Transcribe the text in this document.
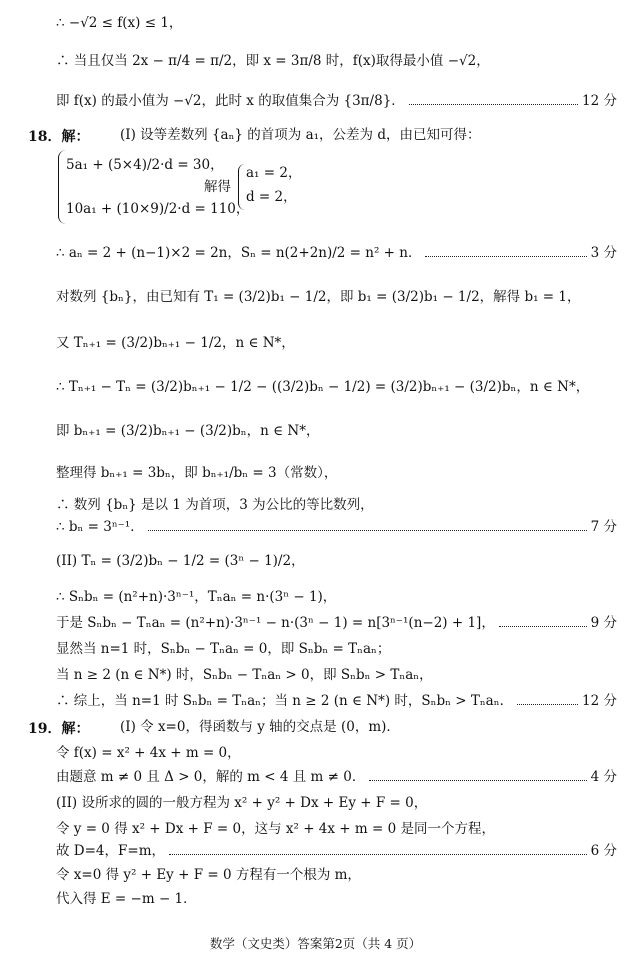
∴ −√2 ≤ f(x) ≤ 1，
∴ 当且仅当 2x − π/4 = π/2，即 x = 3π/8 时，f(x)取得最小值 −√2，
即 f(x) 的最小值为 −√2，此时 x 的取值集合为 {3π/8}．	12 分
18．解： (I) 设等差数列 {aₙ} 的首项为 a₁，公差为 d，由已知可得：
5a₁ + (5×4)/2·d = 30，
10a₁ + (10×9)/2·d = 110，
解得
a₁ = 2，
d = 2，
∴ aₙ = 2 + (n−1)×2 = 2n，Sₙ = n(2+2n)/2 = n² + n．	3 分
对数列 {bₙ}，由已知有 T₁ = (3/2)b₁ − 1/2，即 b₁ = (3/2)b₁ − 1/2，解得 b₁ = 1，
又 Tₙ₊₁ = (3/2)bₙ₊₁ − 1/2，n ∈ N*，
∴ Tₙ₊₁ − Tₙ = (3/2)bₙ₊₁ − 1/2 − ((3/2)bₙ − 1/2) = (3/2)bₙ₊₁ − (3/2)bₙ，n ∈ N*，
即 bₙ₊₁ = (3/2)bₙ₊₁ − (3/2)bₙ，n ∈ N*，
整理得 bₙ₊₁ = 3bₙ，即 bₙ₊₁/bₙ = 3（常数），
∴ 数列 {bₙ} 是以 1 为首项，3 为公比的等比数列，
∴ bₙ = 3ⁿ⁻¹．	7 分
(II) Tₙ = (3/2)bₙ − 1/2 = (3ⁿ − 1)/2，
∴ Sₙbₙ = (n²+n)·3ⁿ⁻¹，Tₙaₙ = n·(3ⁿ − 1)，
于是 Sₙbₙ − Tₙaₙ = (n²+n)·3ⁿ⁻¹ − n·(3ⁿ − 1) = n[3ⁿ⁻¹(n−2) + 1]，	9 分
显然当 n=1 时，Sₙbₙ − Tₙaₙ = 0，即 Sₙbₙ = Tₙaₙ；
当 n ≥ 2 (n ∈ N*) 时，Sₙbₙ − Tₙaₙ > 0，即 Sₙbₙ > Tₙaₙ，
∴ 综上，当 n=1 时 Sₙbₙ = Tₙaₙ；当 n ≥ 2 (n ∈ N*) 时，Sₙbₙ > Tₙaₙ．	12 分
19．解： (I) 令 x=0，得函数与 y 轴的交点是 (0，m)．
令 f(x) = x² + 4x + m = 0，
由题意 m ≠ 0 且 Δ > 0，解的 m < 4 且 m ≠ 0．	4 分
(II) 设所求的圆的一般方程为 x² + y² + Dx + Ey + F = 0，
令 y = 0 得 x² + Dx + F = 0，这与 x² + 4x + m = 0 是同一个方程，
故 D=4，F=m，	6 分
令 x=0 得 y² + Ey + F = 0 方程有一个根为 m，
代入得 E = −m − 1．
数学（文史类）答案第2页（共 4 页）
